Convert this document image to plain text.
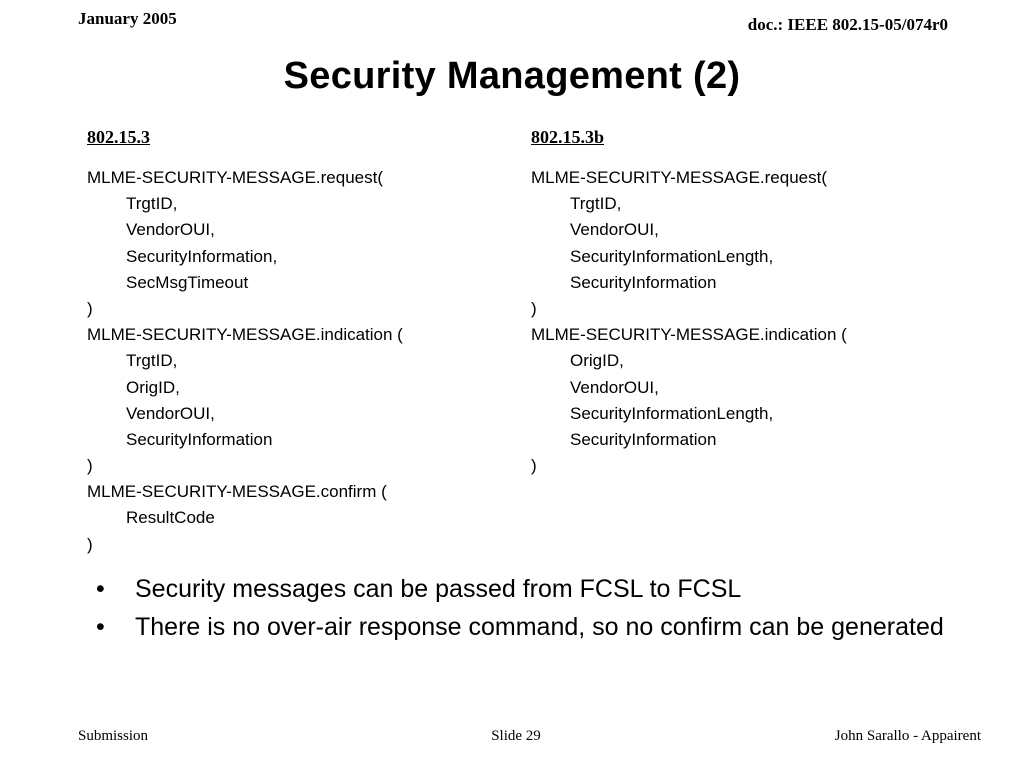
January 2005	doc.: IEEE 802.15-05/074r0
Security Management (2)
802.15.3
MLME-SECURITY-MESSAGE.request(
TrgtID,
VendorOUI,
SecurityInformation,
SecMsgTimeout
)
MLME-SECURITY-MESSAGE.indication (
TrgtID,
OrigID,
VendorOUI,
SecurityInformation
)
MLME-SECURITY-MESSAGE.confirm (
ResultCode
)
802.15.3b
MLME-SECURITY-MESSAGE.request(
TrgtID,
VendorOUI,
SecurityInformationLength,
SecurityInformation
)
MLME-SECURITY-MESSAGE.indication (
OrigID,
VendorOUI,
SecurityInformationLength,
SecurityInformation
)
• Security messages can be passed from FCSL to FCSL
• There is no over-air response command, so no confirm can be generated
Submission	Slide 29	John Sarallo - Appairent
